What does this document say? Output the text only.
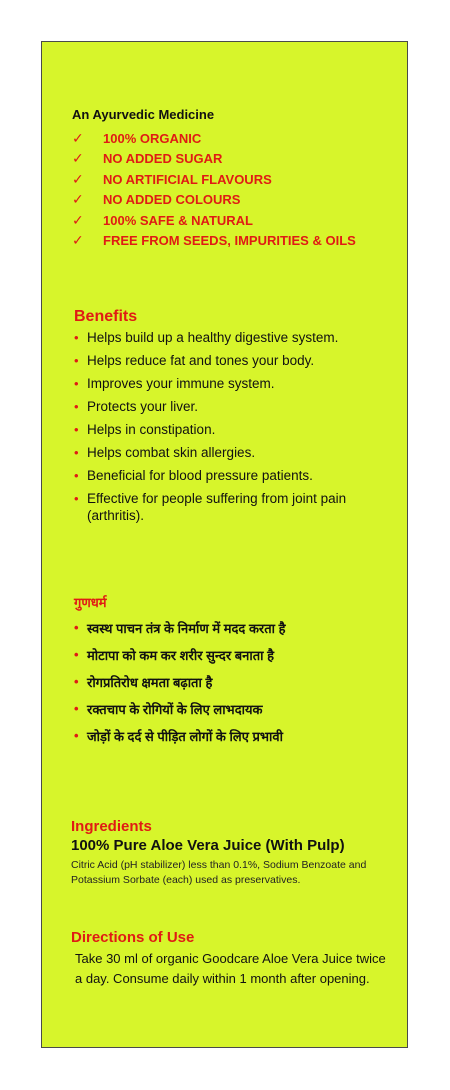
An Ayurvedic Medicine
✓	100% ORGANIC
✓	NO ADDED SUGAR
✓	NO ARTIFICIAL FLAVOURS
✓	NO ADDED COLOURS
✓	100% SAFE & NATURAL
✓	FREE FROM SEEDS, IMPURITIES & OILS
Benefits
• Helps build up a healthy digestive system.
• Helps reduce fat and tones your body.
• Improves your immune system.
• Protects your liver.
• Helps in constipation.
• Helps combat skin allergies.
• Beneficial for blood pressure patients.
• Effective for people suffering from joint pain (arthritis).
गुणधर्म
• स्वस्थ पाचन तंत्र के निर्माण में मदद करता है
• मोटापा को कम कर शरीर सुन्दर बनाता है
• रोगप्रतिरोध क्षमता बढ़ाता है
• रक्तचाप के रोगियों के लिए लाभदायक
• जोड़ों के दर्द से पीड़ित लोगों के लिए प्रभावी
Ingredients
100% Pure Aloe Vera Juice (With Pulp)
Citric Acid (pH stabilizer) less than 0.1%, Sodium Benzoate and Potassium Sorbate (each) used as preservatives.
Directions of Use
Take 30 ml of organic Goodcare Aloe Vera Juice twice a day. Consume daily within 1 month after opening.
